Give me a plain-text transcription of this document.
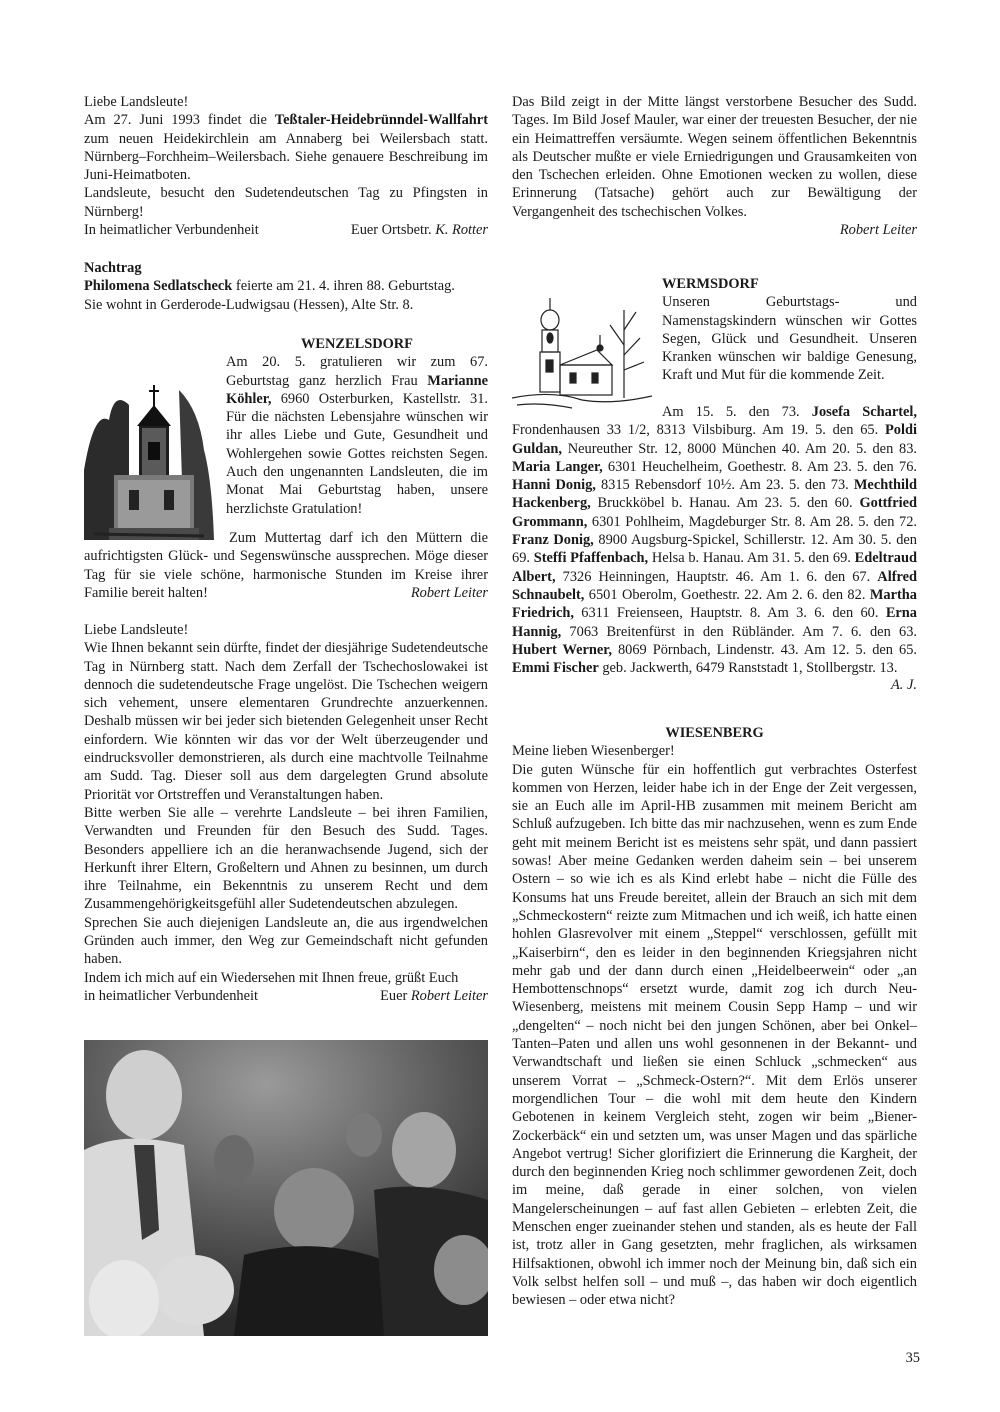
Liebe Landsleute!

Am 27. Juni 1993 findet die Teßtaler-Heidebrünndel-Wallfahrt zum neuen Heidekirchlein am Annaberg bei Weilersbach statt. Nürnberg–Forchheim–Weilersbach. Siehe genauere Beschreibung im Juni-Heimatboten.

Landsleute, besucht den Sudetendeutschen Tag zu Pfingsten in Nürnberg!

In heimatlicher Verbundenheit	Euer Ortsbetr. K. Rotter

Nachtrag

Philomena Sedlatscheck feierte am 21. 4. ihren 88. Geburtstag.

Sie wohnt in Gerderode-Ludwigsau (Hessen), Alte Str. 8.

WENZELSDORF

Am 20. 5. gratulieren wir zum 67. Geburtstag ganz herzlich Frau Marianne Köhler, 6960 Osterburken, Kastellstr. 31. Für die nächsten Lebensjahre wünschen wir ihr alles Liebe und Gute, Gesundheit und Wohlergehen sowie Gottes reichsten Segen. Auch den ungenannten Landsleuten, die im Monat Mai Geburtstag haben, unsere herzlichste Gratulation!

Zum Muttertag darf ich den Müttern die aufrichtigsten Glück- und Segenswünsche aussprechen. Möge dieser Tag für sie viele schöne, harmonische Stunden im Kreise ihrer Familie bereit halten!	Robert Leiter

Liebe Landsleute!

Wie Ihnen bekannt sein dürfte, findet der diesjährige Sudetendeutsche Tag in Nürnberg statt. Nach dem Zerfall der Tschechoslowakei ist dennoch die sudetendeutsche Frage ungelöst. Die Tschechen weigern sich vehement, unsere elementaren Grundrechte anzuerkennen. Deshalb müssen wir bei jeder sich bietenden Gelegenheit unser Recht einfordern. Wie könnten wir das vor der Welt überzeugender und eindrucksvoller demonstrieren, als durch eine machtvolle Teilnahme am Sudd. Tag. Dieser soll aus dem dargelegten Grund absolute Priorität vor Ortstreffen und Veranstaltungen haben.

Bitte werben Sie alle – verehrte Landsleute – bei ihren Familien, Verwandten und Freunden für den Besuch des Sudd. Tages. Besonders appelliere ich an die heranwachsende Jugend, sich der Herkunft ihrer Eltern, Großeltern und Ahnen zu besinnen, um durch ihre Teilnahme, ein Bekenntnis zu unserem Recht und dem Zusammengehörigkeitsgefühl aller Sudetendeutschen abzulegen.

Sprechen Sie auch diejenigen Landsleute an, die aus irgendwelchen Gründen auch immer, den Weg zur Gemeindschaft nicht gefunden haben.

Indem ich mich auf ein Wiedersehen mit Ihnen freue, grüßt Euch

in heimatlicher Verbundenheit	Euer Robert Leiter

Das Bild zeigt in der Mitte längst verstorbene Besucher des Sudd. Tages. Im Bild Josef Mauler, war einer der treuesten Besucher, der nie ein Heimattreffen versäumte. Wegen seinem öffentlichen Bekenntnis als Deutscher mußte er viele Erniedrigungen und Grausamkeiten von den Tschechen erleiden. Ohne Emotionen wecken zu wollen, diese Erinnerung (Tatsache) gehört auch zur Bewältigung der Vergangenheit des tschechischen Volkes.

Robert Leiter

WERMSDORF

Unseren Geburtstags- und Namenstagskindern wünschen wir Gottes Segen, Glück und Gesundheit. Unseren Kranken wünschen wir baldige Genesung, Kraft und Mut für die kommende Zeit.

Am 15. 5. den 73. Josefa Schartel, Frondenhausen 33 1/2, 8313 Vilsbiburg. Am 19. 5. den 65. Poldi Guldan, Neureuther Str. 12, 8000 München 40. Am 20. 5. den 83. Maria Langer, 6301 Heuchelheim, Goethestr. 8. Am 23. 5. den 76. Hanni Donig, 8315 Rebensdorf 10½. Am 23. 5. den 73. Mechthild Hackenberg, Bruckköbel b. Hanau. Am 23. 5. den 60. Gottfried Grommann, 6301 Pohlheim, Magdeburger Str. 8. Am 28. 5. den 72. Franz Donig, 8900 Augsburg-Spickel, Schillerstr. 12. Am 30. 5. den 69. Steffi Pfaffenbach, Helsa b. Hanau. Am 31. 5. den 69. Edeltraud Albert, 7326 Heinningen, Hauptstr. 46. Am 1. 6. den 67. Alfred Schnaubelt, 6501 Oberolm, Goethestr. 22. Am 2. 6. den 82. Martha Friedrich, 6311 Freienseen, Hauptstr. 8. Am 3. 6. den 60. Erna Hannig, 7063 Breitenfürst in den Rübländer. Am 7. 6. den 63. Hubert Werner, 8069 Pörnbach, Lindenstr. 43. Am 12. 5. den 65. Emmi Fischer geb. Jackwerth, 6479 Ranststadt 1, Stollbergstr. 13.
A. J.

WIESENBERG

Meine lieben Wiesenberger!

Die guten Wünsche für ein hoffentlich gut verbrachtes Osterfest kommen von Herzen, leider habe ich in der Enge der Zeit vergessen, sie an Euch alle im April-HB zusammen mit meinem Bericht am Schluß aufzugeben. Ich bitte das mir nachzusehen, wenn es zum Ende geht mit meinem Bericht ist es meistens sehr spät, und dann passiert sowas! Aber meine Gedanken werden daheim sein – bei unserem Ostern – so wie ich es als Kind erlebt habe – nicht die Fülle des Konsums hat uns Freude bereitet, allein der Brauch an sich mit dem „Schmeckostern“ reizte zum Mitmachen und ich weiß, ich hatte einen hohlen Glasrevolver mit einem „Steppel“ verschlossen, gefüllt mit „Kaiserbirn“, den es leider in den beginnenden Kriegsjahren nicht mehr gab und der dann durch einen „Heidelbeerwein“ oder „an Hembottenschnops“ ersetzt wurde, damit zog ich durch Neu-Wiesenberg, meistens mit meinem Cousin Sepp Hamp – und wir „dengelten“ – noch nicht bei den jungen Schönen, aber bei Onkel–Tanten–Paten und allen uns wohl gesonnenen in der Bekannt- und Verwandtschaft und ließen sie einen Schluck „schmecken“ aus unserem Vorrat – „Schmeck-Ostern?“. Mit dem Erlös unserer morgendlichen Tour – die wohl mit dem heute den Kindern Gebotenen in keinem Vergleich steht, zogen wir beim „Biener-Zockerbäck“ ein und setzten um, was unser Magen und das spärliche Angebot vertrug! Sicher glorifiziert die Erinnerung die Kargheit, der durch den beginnenden Krieg noch schlimmer gewordenen Zeit, doch im meine, daß gerade in einer solchen, von vielen Mangelerscheinungen – auf fast allen Gebieten – erlebten Zeit, die Menschen enger zueinander stehen und standen, als es heute der Fall ist, trotz aller in Gang gesetzten, mehr fraglichen, als wirksamen Hilfsaktionen, obwohl ich immer noch der Meinung bin, daß sich ein Volk selbst helfen soll – und muß –, das haben wir doch eigentlich bewiesen – oder etwa nicht?

35
